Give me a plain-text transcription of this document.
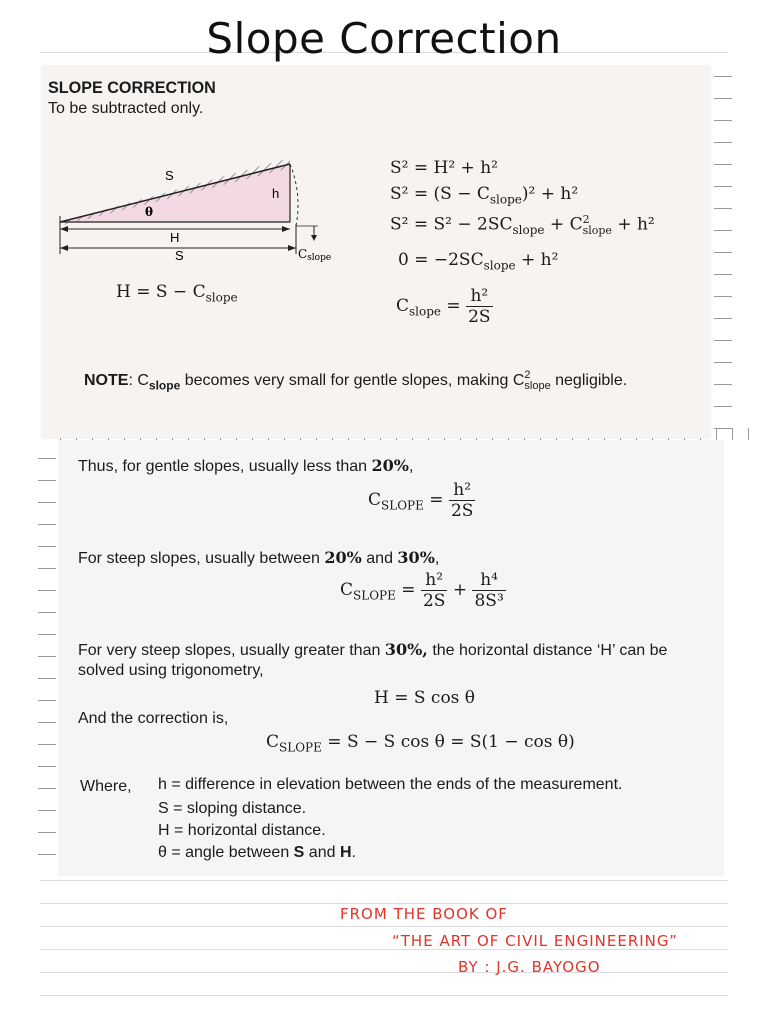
Slope Correction
SLOPE CORRECTION
To be subtracted only.
S
h
θ
H
S	Cslope
$H = S - C_{slope}$
S² = H² + h²
$S^2 = (S - C_{slope})^2 + h^2$
$S^2 = S^2 - 2SC_{slope} + C$ 2
slope + h²
$0 = -2SC_{slope} + h^2$
$C_{slope} = \frac{\text{h²}}{2S}$
NOTE: $C_{slope}$ becomes very small for gentle slopes, making C 2
slope negligible.
Thus, for gentle slopes, usually less than 20%,
$C_{SLOPE} = \frac{\text{h²}}{2S}$
For steep slopes, usually between 20% and 30%,
$C_{SLOPE} = \frac{\text{h²}}{2S} + \frac{\text{h⁴}}{\text{8S³}}$
For very steep slopes, usually greater than 30%, the horizontal distance ‘H’ can be
solved using trigonometry,
H = S cos θ
And the correction is,
$C_{SLOPE} = S - S$ cos θ = S(1 − cos θ)
Where, h = difference in elevation between the ends of the measurement.
S = sloping distance.
H = horizontal distance.
θ = angle between S and H.
FROM THE BOOK OF
“THE ART OF CIVIL ENGINEERING”
BY : J.G. BAYOGO
